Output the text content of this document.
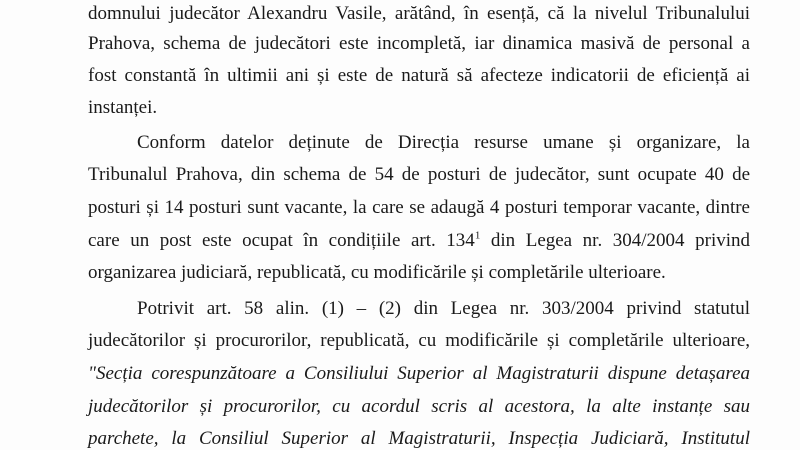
domnului judecător Alexandru Vasile, arătând, în esență, că la nivelul Tribunalului
Prahova, schema de judecători este incompletă, iar dinamica masivă de personal a
fost constantă în ultimii ani și este de natură să afecteze indicatorii de eficiență ai
instanței.
Conform datelor deținute de Direcția resurse umane și organizare, la
Tribunalul Prahova, din schema de 54 de posturi de judecător, sunt ocupate 40 de
posturi și 14 posturi sunt vacante, la care se adaugă 4 posturi temporar vacante, dintre
care un post este ocupat în condițiile art. $134^1$ din Legea nr. 304/2004 privind
organizarea judiciară, republicată, cu modificările și completările ulterioare.
Potrivit art. 58 alin. (1) – (2) din Legea nr. 303/2004 privind statutul
judecătorilor și procurorilor, republicată, cu modificările și completările ulterioare,
"Secția corespunzătoare a Consiliului Superior al Magistraturii dispune detașarea
judecătorilor și procurorilor, cu acordul scris al acestora, la alte instanțe sau
parchete, la Consiliul Superior al Magistraturii, Inspecția Judiciară, Institutul
